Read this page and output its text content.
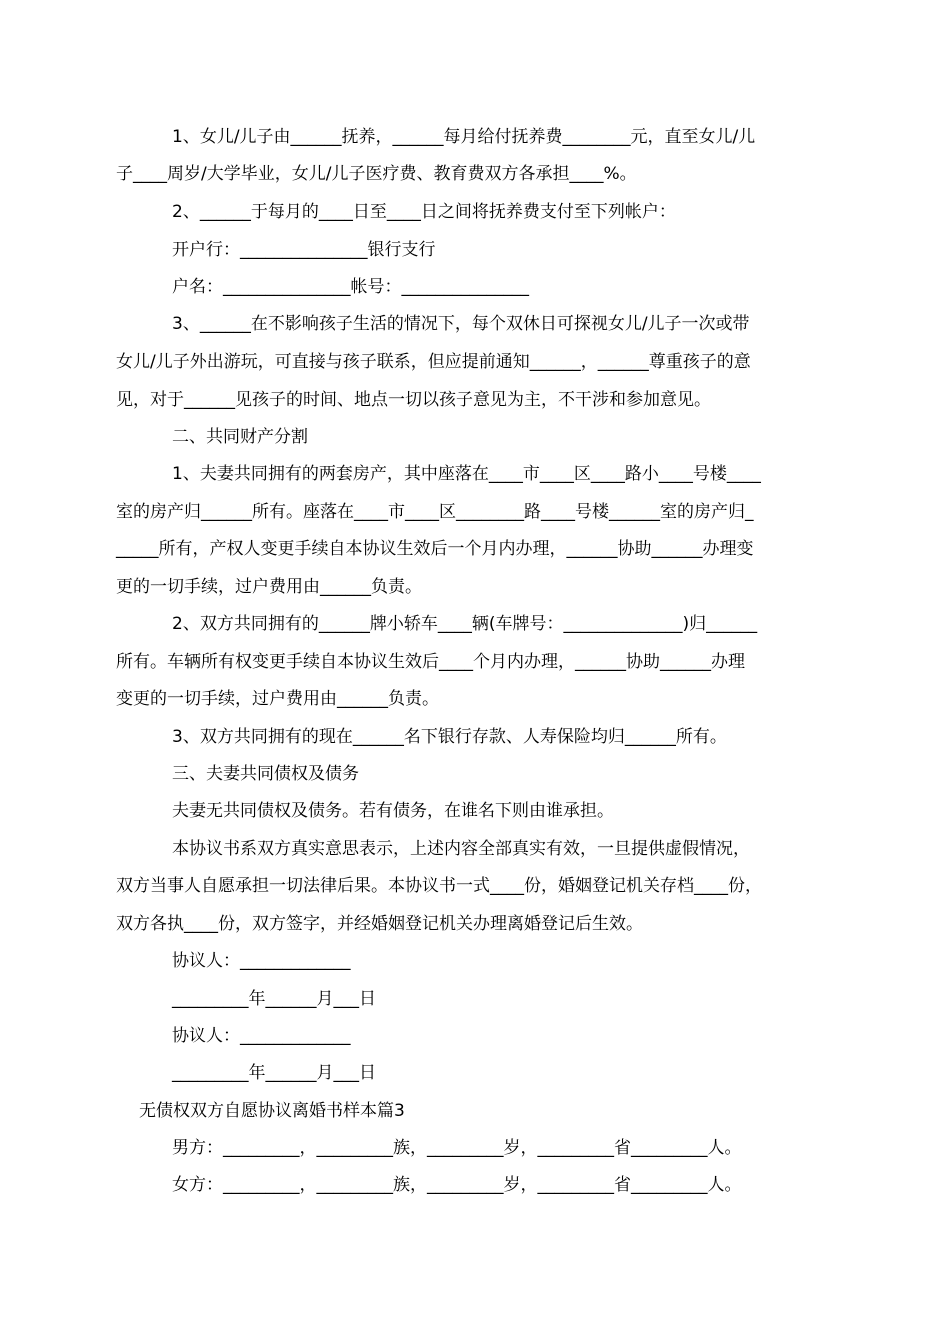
1、女儿/儿子由______抚养，______每月给付抚养费________元，直至女儿/儿
子____周岁/大学毕业，女儿/儿子医疗费、教育费双方各承担____%。
2、______于每月的____日至____日之间将抚养费支付至下列帐户：
开户行：_______________银行支行
户名：_______________帐号：_______________
3、______在不影响孩子生活的情况下，每个双休日可探视女儿/儿子一次或带
女儿/儿子外出游玩，可直接与孩子联系，但应提前通知______，______尊重孩子的意
见，对于______见孩子的时间、地点一切以孩子意见为主，不干涉和参加意见。
二、共同财产分割
1、夫妻共同拥有的两套房产，其中座落在____市____区____路小____号楼____
室的房产归______所有。座落在____市____区________路____号楼______室的房产归_
_____所有，产权人变更手续自本协议生效后一个月内办理，______协助______办理变
更的一切手续，过户费用由______负责。
2、双方共同拥有的______牌小轿车____辆(车牌号：______________)归______
所有。车辆所有权变更手续自本协议生效后____个月内办理，______协助______办理
变更的一切手续，过户费用由______负责。
3、双方共同拥有的现在______名下银行存款、人寿保险均归______所有。
三、夫妻共同债权及债务
夫妻无共同债权及债务。若有债务，在谁名下则由谁承担。
本协议书系双方真实意思表示，上述内容全部真实有效，一旦提供虚假情况，
双方当事人自愿承担一切法律后果。本协议书一式____份，婚姻登记机关存档____份，
双方各执____份，双方签字，并经婚姻登记机关办理离婚登记后生效。
协议人：_____________
_________年______月___日
协议人：_____________
_________年______月___日
无债权双方自愿协议离婚书样本篇3
男方：_________，_________族，_________岁，_________省_________人。
女方：_________，_________族，_________岁，_________省_________人。
